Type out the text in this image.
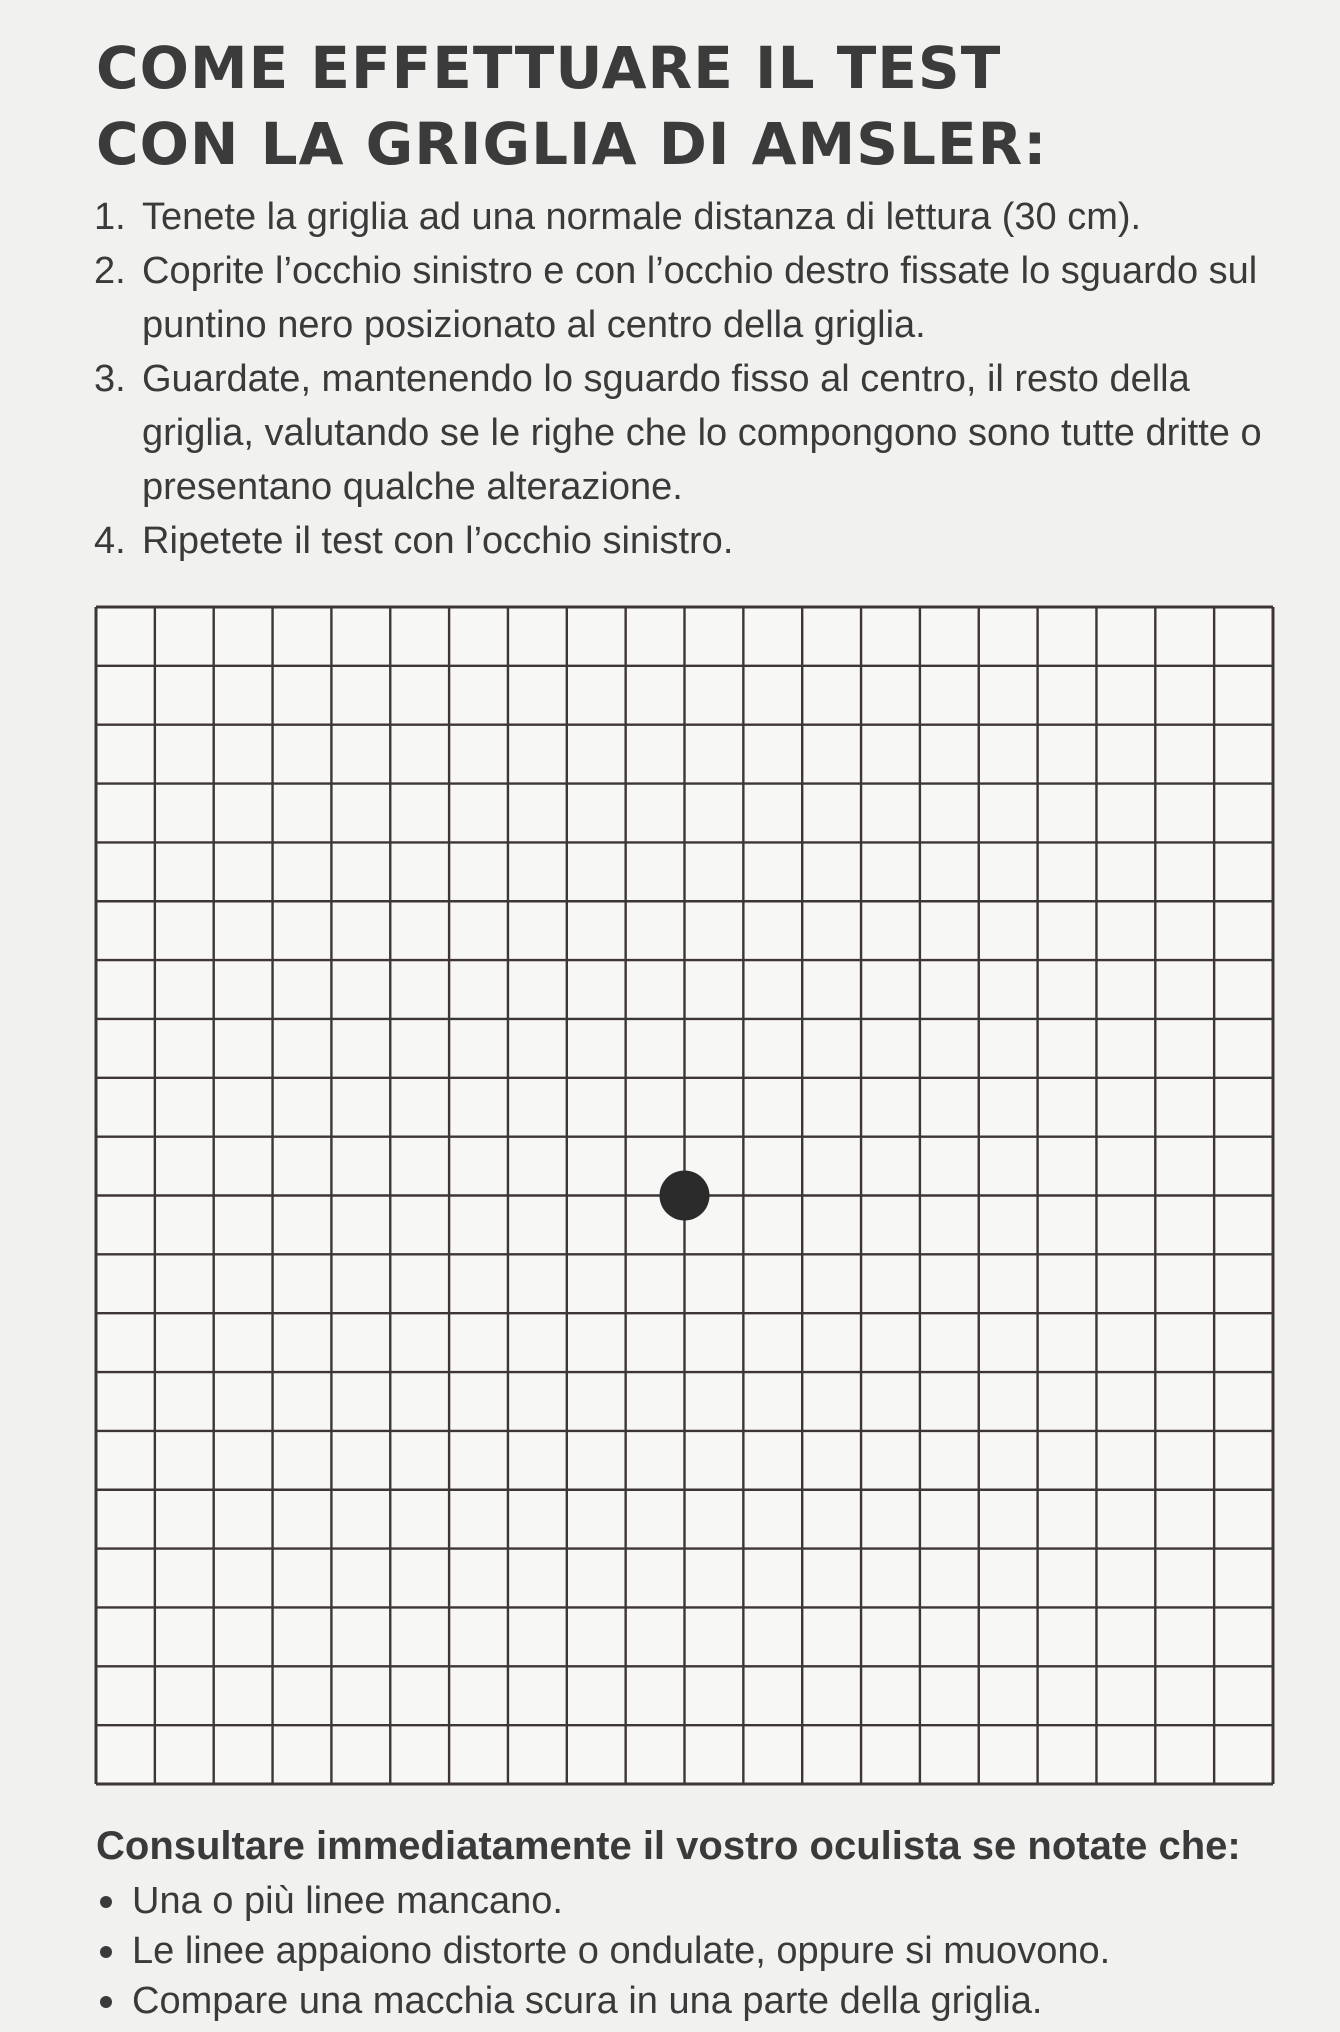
COME EFFETTUARE IL TEST
CON LA GRIGLIA DI AMSLER:
1. Tenete la griglia ad una normale distanza di lettura (30 cm).
2. Coprite l’occhio sinistro e con l’occhio destro fissate lo sguardo sul puntino nero posizionato al centro della griglia.
3. Guardate, mantenendo lo sguardo fisso al centro, il resto della griglia, valutando se le righe che lo compongono sono tutte dritte o presentano qualche alterazione.
4. Ripetete il test con l’occhio sinistro.

Consultare immediatamente il vostro oculista se notate che:

Una o più linee mancano.
Le linee appaiono distorte o ondulate, oppure si muovono.
Compare una macchia scura in una parte della griglia.
